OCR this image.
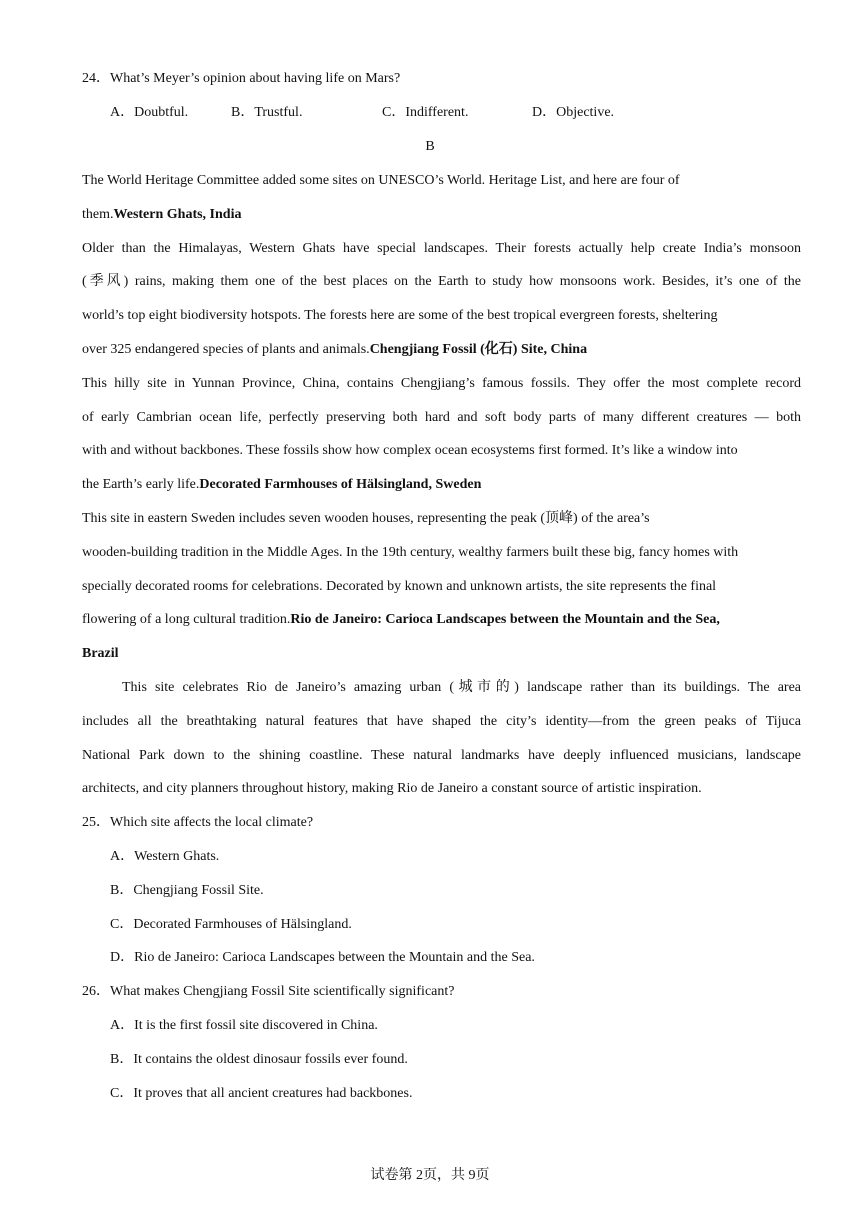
24．What’s Meyer’s opinion about having life on Mars?
A．Doubtful.	B．Trustful.	C．Indifferent.	D．Objective.
B
The World Heritage Committee added some sites on UNESCO’s World. Heritage List, and here are four of
them.Western Ghats, India
Older than the Himalayas, Western Ghats have special landscapes. Their forests actually help create India’s monsoon
(季风) rains, making them one of the best places on the Earth to study how monsoons work. Besides, it’s one of the
world’s top eight biodiversity hotspots. The forests here are some of the best tropical evergreen forests, sheltering
over 325 endangered species of plants and animals.Chengjiang Fossil (化石) Site, China
This hilly site in Yunnan Province, China, contains Chengjiang’s famous fossils. They offer the most complete record
of early Cambrian ocean life, perfectly preserving both hard and soft body parts of many different creatures — both
with and without backbones. These fossils show how complex ocean ecosystems first formed. It’s like a window into
the Earth’s early life.Decorated Farmhouses of Hälsingland, Sweden
This site in eastern Sweden includes seven wooden houses, representing the peak (顶峰) of the area’s
wooden-building tradition in the Middle Ages. In the 19th century, wealthy farmers built these big, fancy homes with
specially decorated rooms for celebrations. Decorated by known and unknown artists, the site represents the final
flowering of a long cultural tradition.Rio de Janeiro: Carioca Landscapes between the Mountain and the Sea,
Brazil
This site celebrates Rio de Janeiro’s amazing urban (城市的) landscape rather than its buildings. The area
includes all the breathtaking natural features that have shaped the city’s identity—from the green peaks of Tijuca
National Park down to the shining coastline. These natural landmarks have deeply influenced musicians, landscape
architects, and city planners throughout history, making Rio de Janeiro a constant source of artistic inspiration.
25．Which site affects the local climate?
A．Western Ghats.
B．Chengjiang Fossil Site.
C．Decorated Farmhouses of Hälsingland.
D．Rio de Janeiro: Carioca Landscapes between the Mountain and the Sea.
26．What makes Chengjiang Fossil Site scientifically significant?
A．It is the first fossil site discovered in China.
B．It contains the oldest dinosaur fossils ever found.
C．It proves that all ancient creatures had backbones.
试卷第 2页，共 9页
